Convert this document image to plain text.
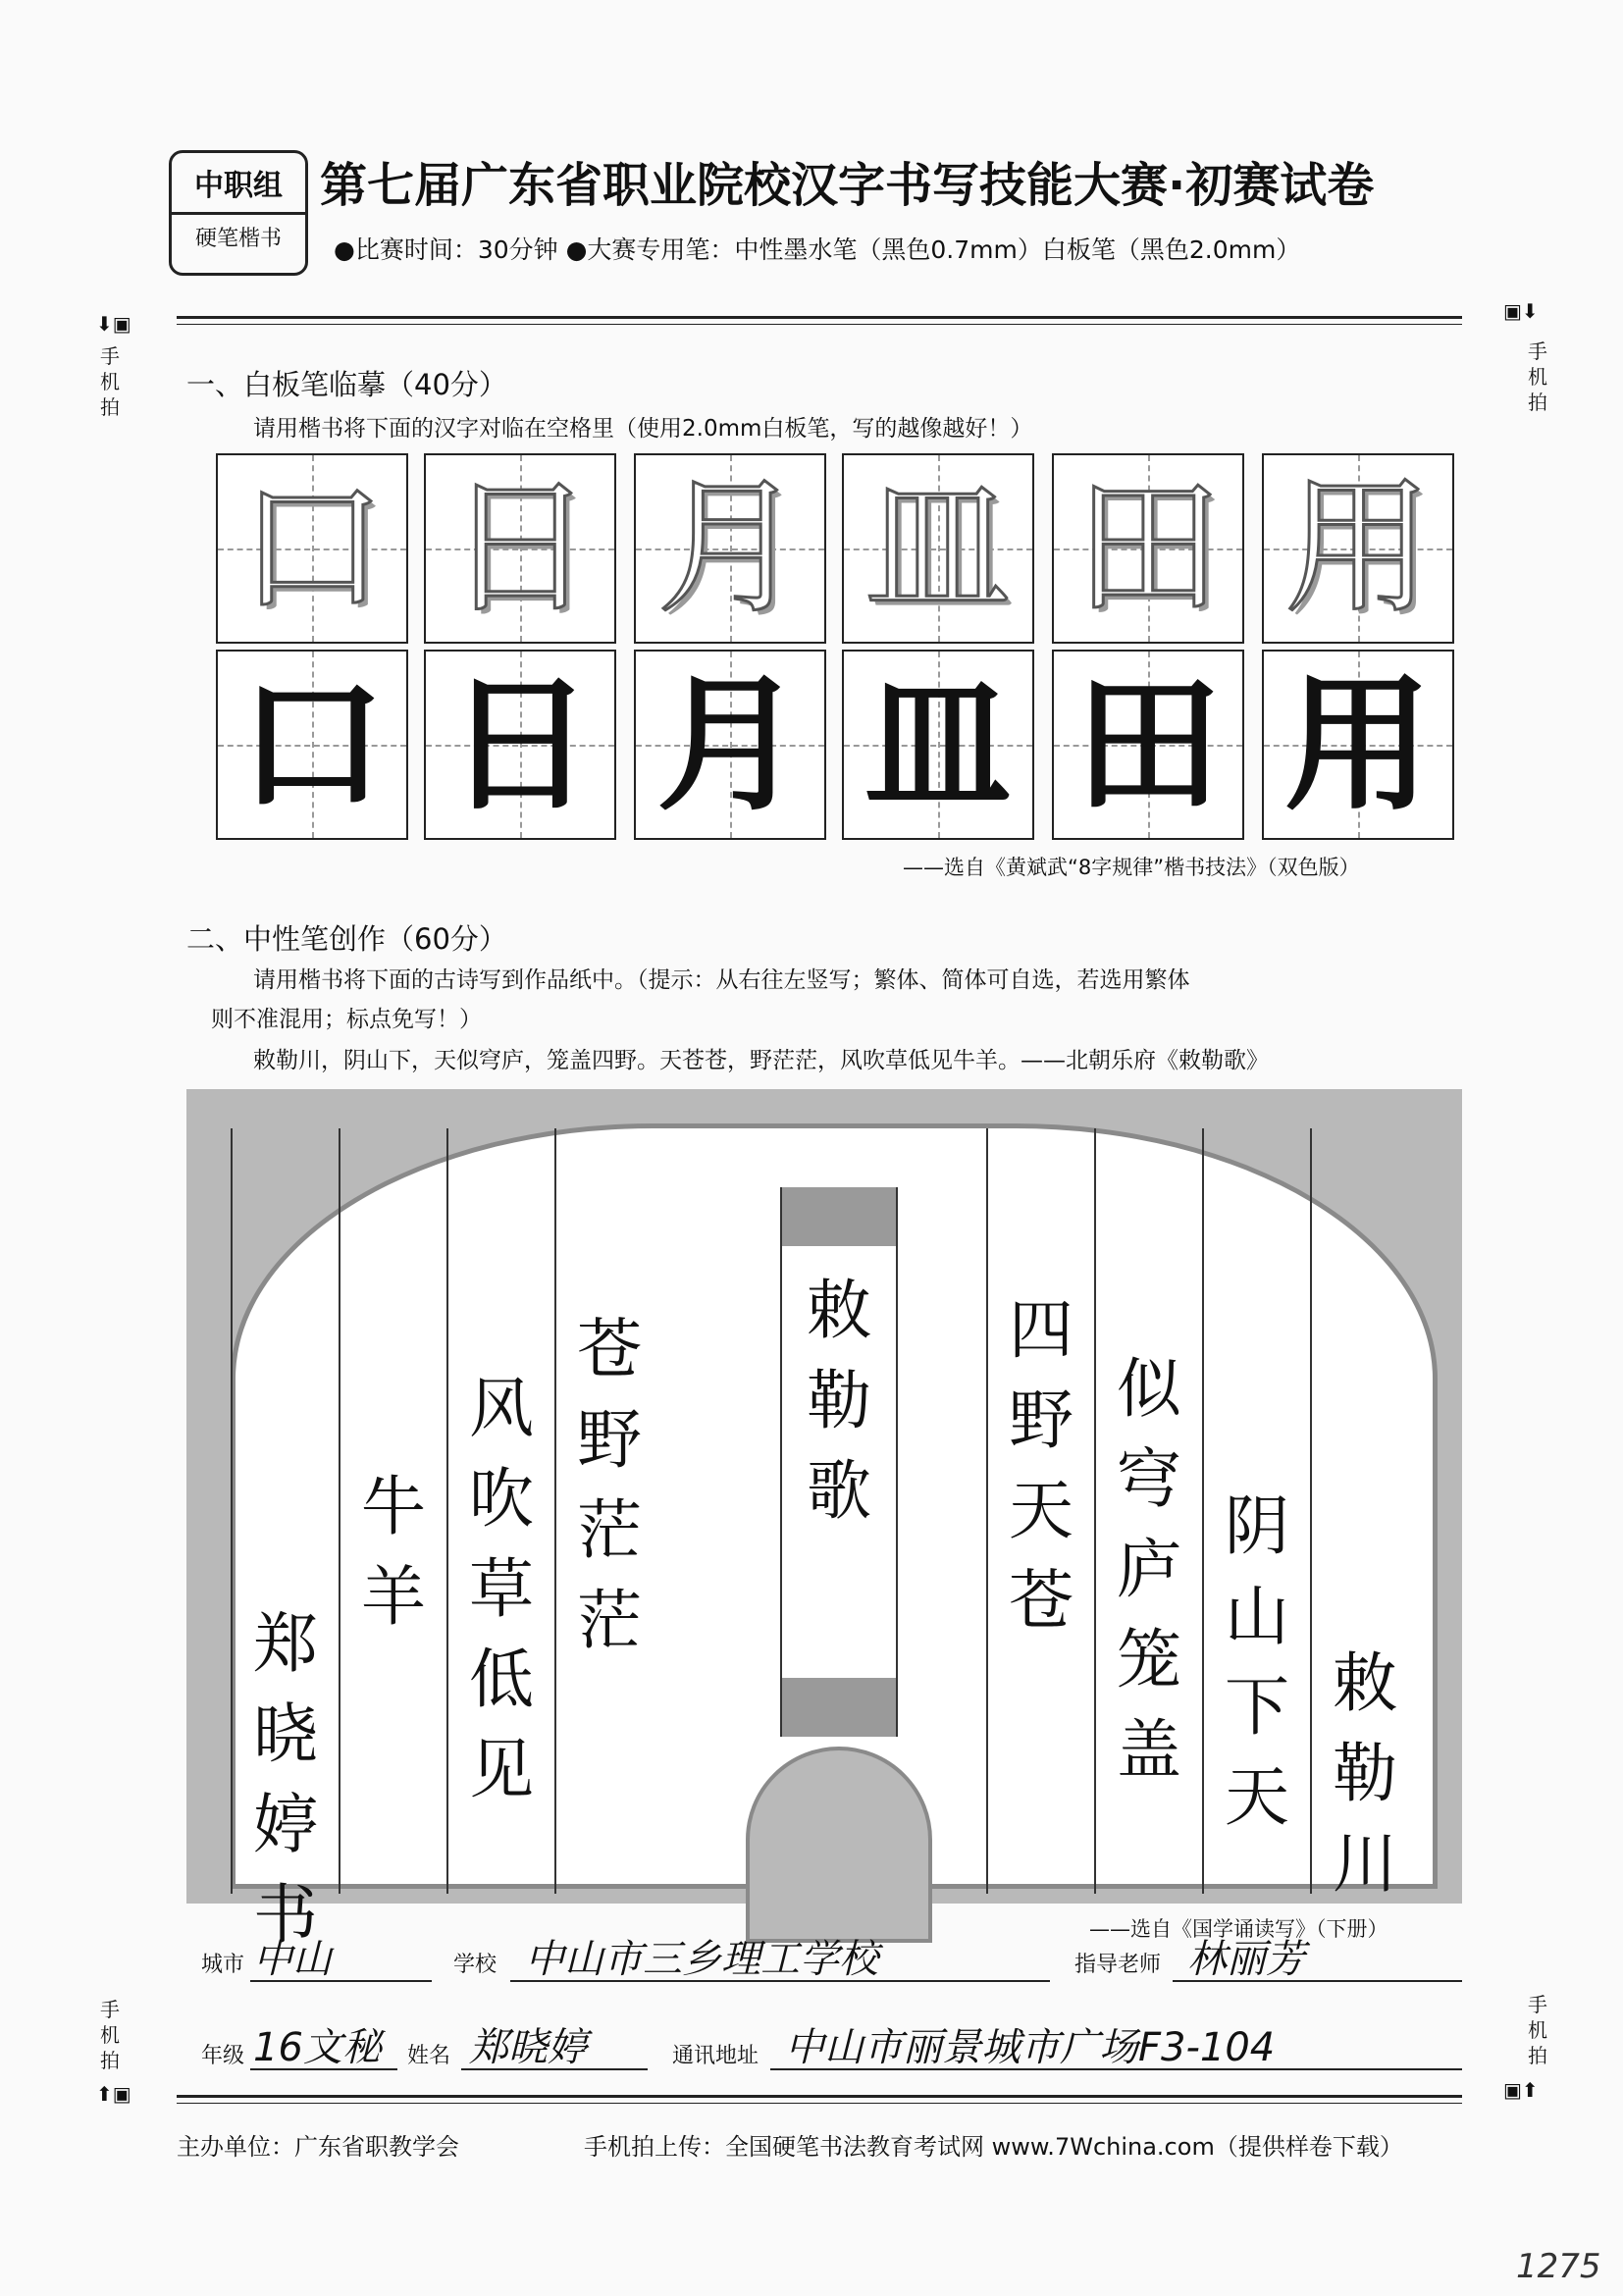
中职组
硬笔楷书
第七届广东省职业院校汉字书写技能大赛·初赛试卷
●比赛时间：30分钟 ●大赛专用笔：中性墨水笔（黑色0.7mm）白板笔（黑色2.0mm）
⬇▣
手机拍
▣⬇
手机拍
手机拍
⬆▣
手机拍
▣⬆
一、白板笔临摹（40分）
请用楷书将下面的汉字对临在空格里（使用2.0mm白板笔，写的越像越好！）
口 日 月 皿 田 用
口 日 月 皿 田 用
——选自《黄斌武“8字规律”楷书技法》（双色版）
二、中性笔创作（60分）
请用楷书将下面的古诗写到作品纸中。（提示：从右往左竖写；繁体、简体可自选，若选用繁体
则不准混用；标点免写！）
敕勒川，阴山下，天似穹庐，笼盖四野。天苍苍，野茫茫，风吹草低见牛羊。——北朝乐府《敕勒歌》
敕
勒
歌
敕
勒
川
阴
山
下
天
似
穹
庐
笼
盖
四
野
天
苍
苍
野
茫
茫
风
吹
草
低
见
牛
羊
郑
晓
婷
书	——选自《国学诵读写》（下册）
城市 中山	学校 中山市三乡理工学校	指导老师 林丽芳
年级 16文秘 姓名 郑晓婷	通讯地址 中山市丽景城市广场F3-104
主办单位：广东省职教学会	手机拍上传：全国硬笔书法教育考试网 www.7Wchina.com（提供样卷下载）
1275
